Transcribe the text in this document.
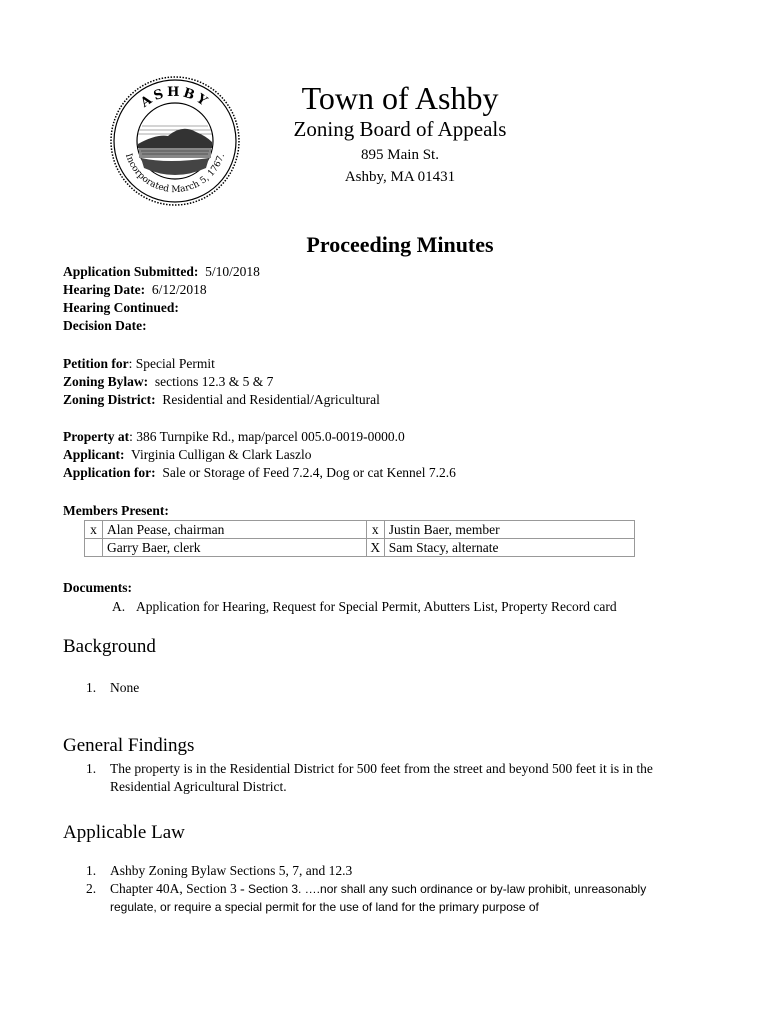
ASHBY
Incorporated March 5, 1767.
Town of Ashby
Zoning Board of Appeals
895 Main St.
Ashby, MA 01431
Proceeding Minutes
Application Submitted: 5/10/2018
Hearing Date: 6/12/2018
Hearing Continued:
Decision Date:
Petition for: Special Permit
Zoning Bylaw: sections 12.3 & 5 & 7
Zoning District: Residential and Residential/Agricultural
Property at: 386 Turnpike Rd., map/parcel 005.0-0019-0000.0
Applicant: Virginia Culligan & Clark Laszlo
Application for: Sale or Storage of Feed 7.2.4, Dog or cat Kennel 7.2.6
Members Present:
x	Alan Pease, chairman	x	Justin Baer, member
	Garry Baer, clerk	X	Sam Stacy, alternate
Documents:
A. Application for Hearing, Request for Special Permit, Abutters List, Property Record card
Background
1. None
General Findings
1. The property is in the Residential District for 500 feet from the street and beyond 500 feet it is in the Residential Agricultural District.
Applicable Law
1. Ashby Zoning Bylaw Sections 5, 7, and 12.3
2. Chapter 40A, Section 3 - Section 3. ….nor shall any such ordinance or by-law prohibit, unreasonably regulate, or require a special permit for the use of land for the primary purpose of
